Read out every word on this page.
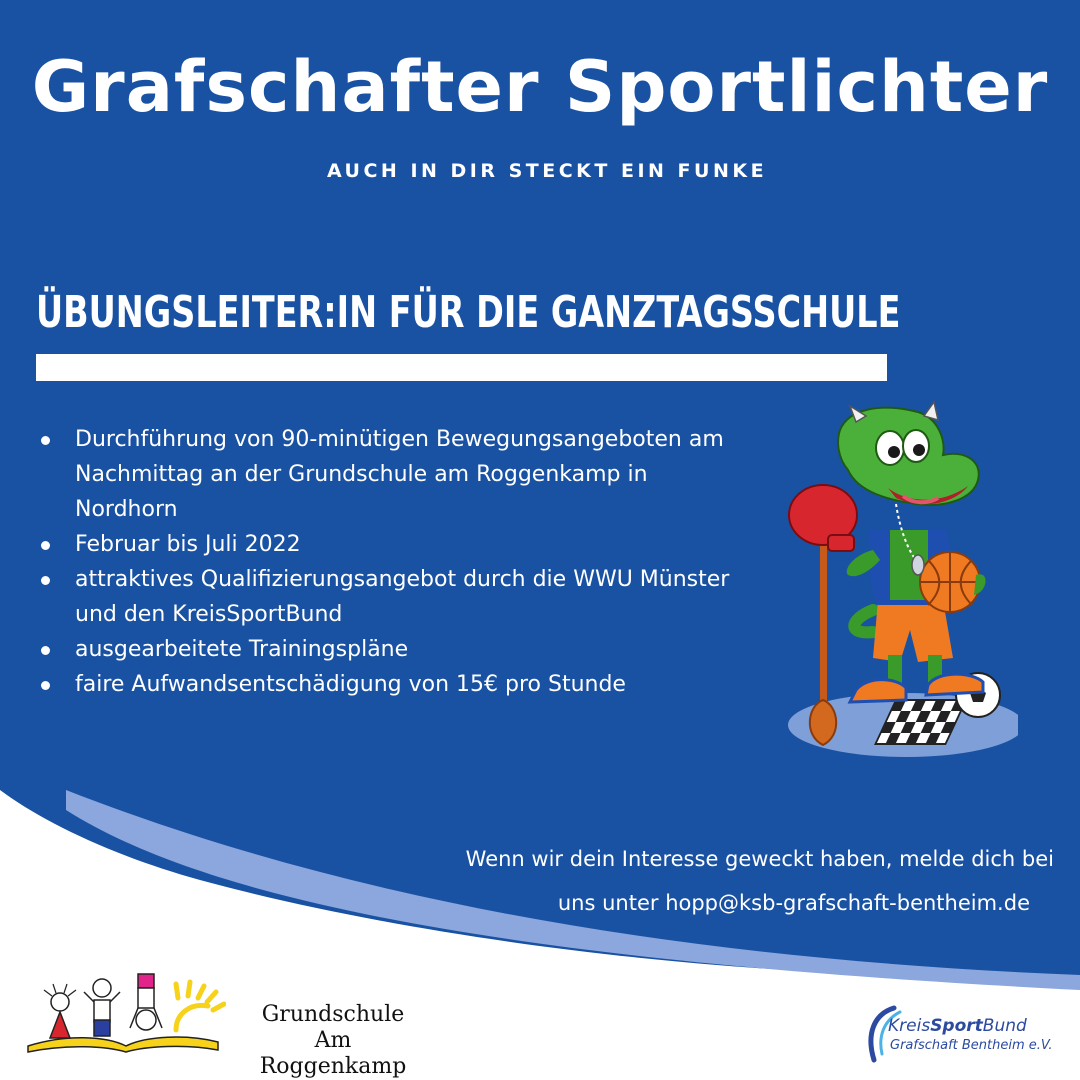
Grafschafter Sportlichter
AUCH IN DIR STECKT EIN FUNKE
ÜBUNGSLEITER:IN FÜR DIE GANZTAGSSCHULE
Durchführung von 90-minütigen Bewegungsangeboten am Nachmittag an der Grundschule am Roggenkamp in Nordhorn
Februar bis Juli 2022
attraktives Qualifizierungsangebot durch die WWU Münster und den KreisSportBund
ausgearbeitete Trainingspläne
faire Aufwandsentschädigung von 15€ pro Stunde
Wenn wir dein Interesse geweckt haben, melde dich bei
uns unter hopp@ksb-grafschaft-bentheim.de
Grundschule
Am Roggenkamp
KreisSportBund
Grafschaft Bentheim e.V.
